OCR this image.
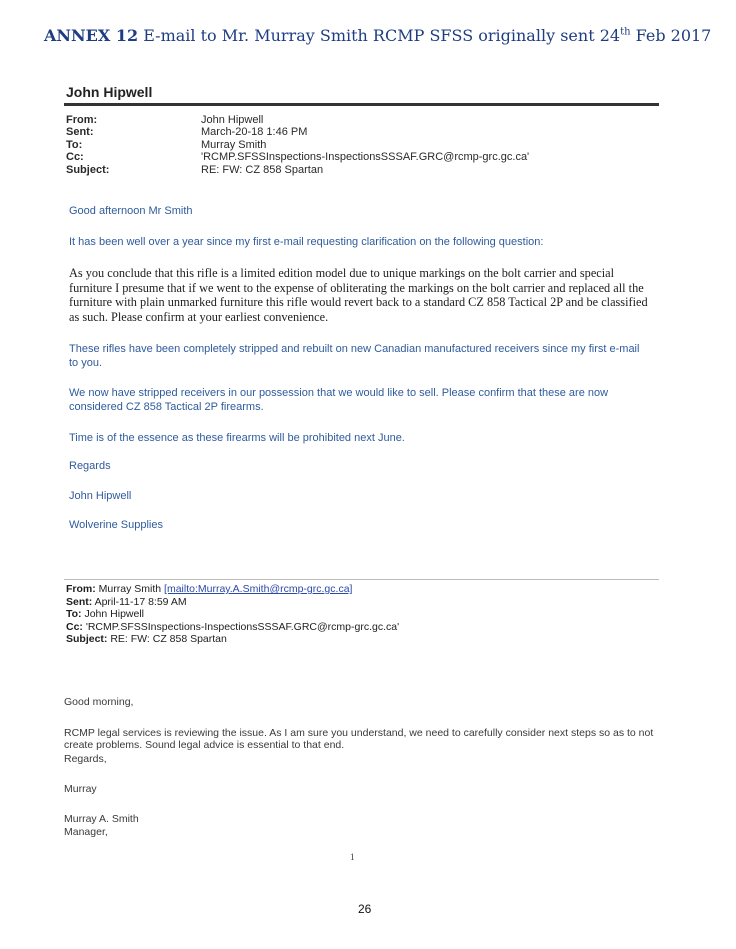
ANNEX 12 E-mail to Mr. Murray Smith RCMP SFSS originally sent 24th Feb 2017
John Hipwell
From:	John Hipwell
Sent:	March-20-18 1:46 PM
To:	Murray Smith
Cc:	'RCMP.SFSSInspections-InspectionsSSSAF.GRC@rcmp-grc.gc.ca'
Subject:	RE: FW: CZ 858 Spartan
Good afternoon Mr Smith
It has been well over a year since my first e-mail requesting clarification on the following question:
As you conclude that this rifle is a limited edition model due to unique markings on the bolt carrier and special furniture I presume that if we went to the expense of obliterating the markings on the bolt carrier and replaced all the furniture with plain unmarked furniture this rifle would revert back to a standard CZ 858 Tactical 2P and be classified as such. Please confirm at your earliest convenience.
These rifles have been completely stripped and rebuilt on new Canadian manufactured receivers since my first e-mail to you.
We now have stripped receivers in our possession that we would like to sell. Please confirm that these are now considered CZ 858 Tactical 2P firearms.
Time is of the essence as these firearms will be prohibited next June.
Regards
John Hipwell
Wolverine Supplies
From: Murray Smith [mailto:Murray.A.Smith@rcmp-grc.gc.ca]
Sent: April-11-17 8:59 AM
To: John Hipwell
Cc: 'RCMP.SFSSInspections-InspectionsSSSAF.GRC@rcmp-grc.gc.ca'
Subject: RE: FW: CZ 858 Spartan
Good morning,
RCMP legal services is reviewing the issue. As I am sure you understand, we need to carefully consider next steps so as to not create problems. Sound legal advice is essential to that end.
Regards,
Murray
Murray A. Smith
Manager,
1
26
